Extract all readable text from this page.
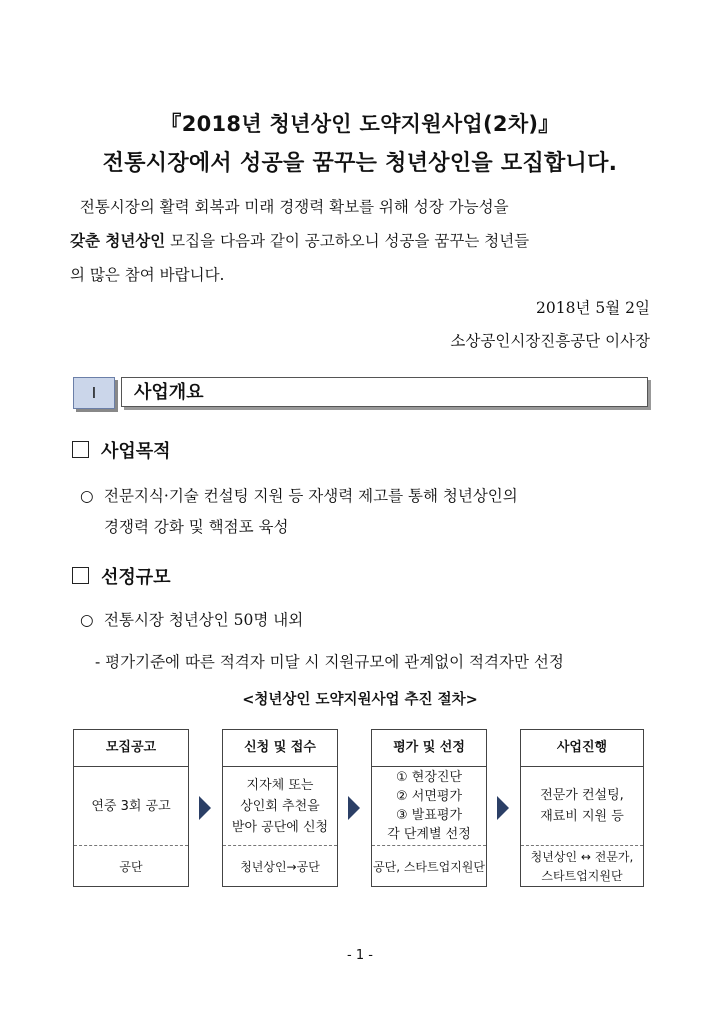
『2018년 청년상인 도약지원사업(2차)』
전통시장에서 성공을 꿈꾸는 청년상인을 모집합니다.

전통시장의 활력 회복과 미래 경쟁력 확보를 위해 성장 가능성을

갖춘 청년상인 모집을 다음과 같이 공고하오니 성공을 꿈꾸는 청년들

의 많은 참여 바랍니다.

2018년 5월 2일
소상공인시장진흥공단 이사장
Ⅰ	사업개요
사업목적
○ 전문지식·기술 컨설팅 지원 등 자생력 제고를 통해 청년상인의
경쟁력 강화 및 핵점포 육성
선정규모
○ 전통시장 청년상인 50명 내외
- 평가기준에 따른 적격자 미달 시 지원규모에 관계없이 적격자만 선정
<청년상인 도약지원사업 추진 절차>
모집공고
연중 3회 공고
공단
신청 및 접수
지자체 또는
상인회 추천을
받아 공단에 신청
청년상인→공단
평가 및 선정
① 현장진단
② 서면평가
③ 발표평가
각 단계별 선정
공단, 스타트업지원단
사업진행
전문가 컨설팅,
재료비 지원 등
청년상인 ↔ 전문가,
스타트업지원단
- 1 -
